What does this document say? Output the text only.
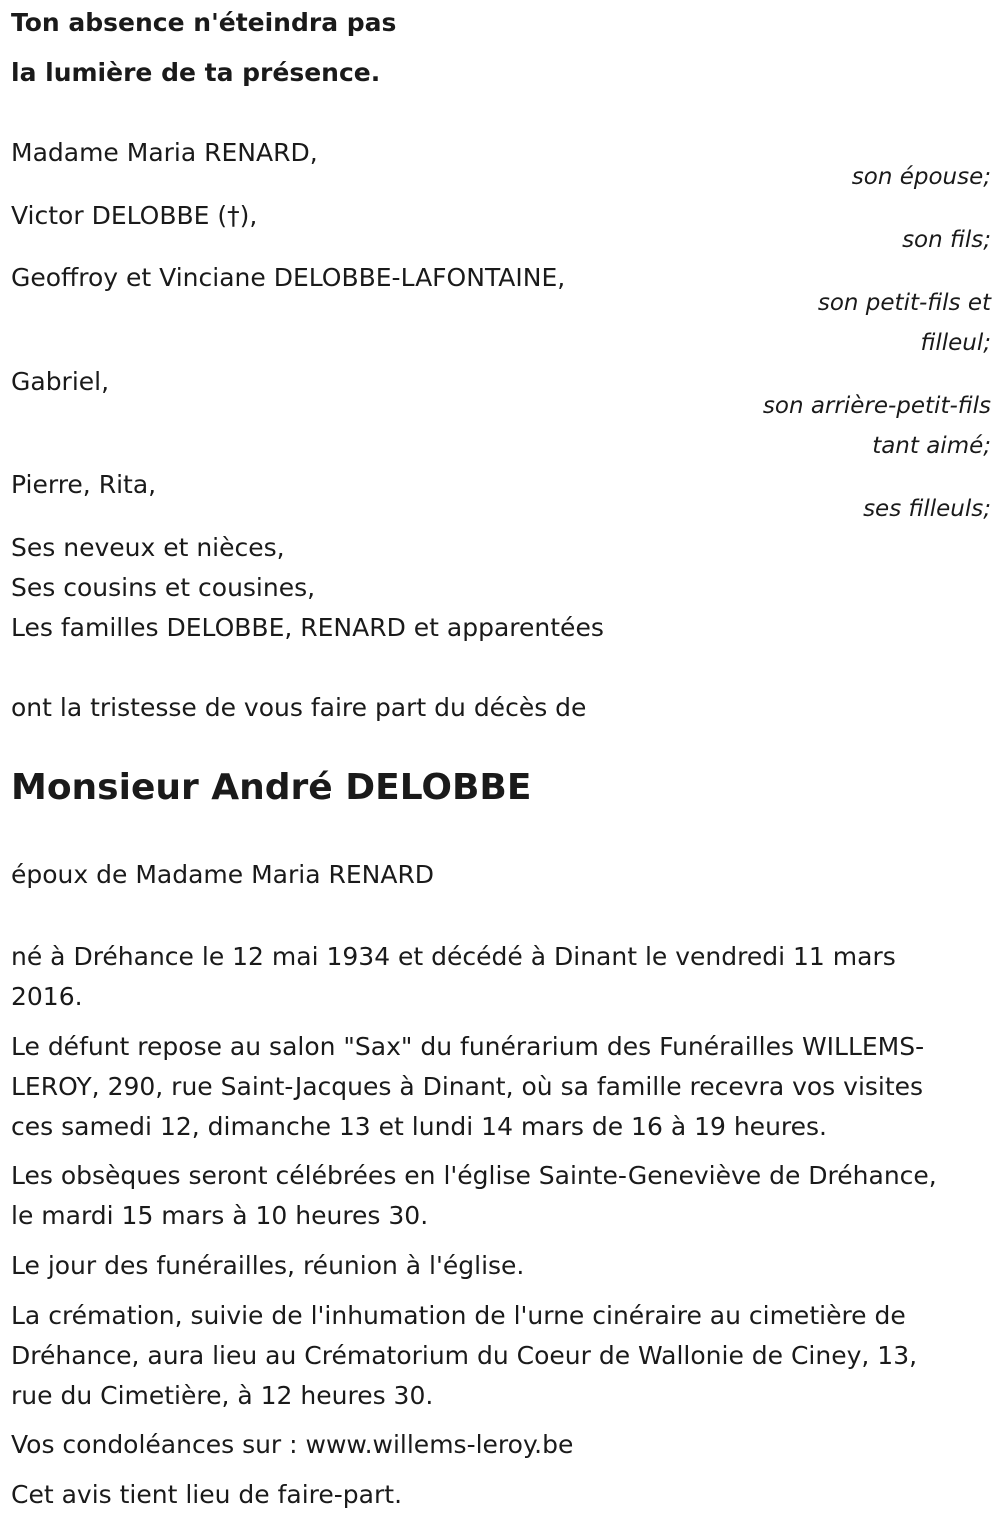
Ton absence n'éteindra pas
la lumière de ta présence.
Madame Maria RENARD,
son épouse;
Victor DELOBBE (†),
son fils;
Geoffroy et Vinciane DELOBBE-LAFONTAINE,
son petit-fils et
filleul;
Gabriel,
son arrière-petit-fils
tant aimé;
Pierre, Rita,
ses filleuls;
Ses neveux et nièces,
Ses cousins et cousines,
Les familles DELOBBE, RENARD et apparentées
ont la tristesse de vous faire part du décès de
Monsieur André DELOBBE
époux de Madame Maria RENARD
né à Dréhance le 12 mai 1934 et décédé à Dinant le vendredi 11 mars
2016.
Le défunt repose au salon "Sax" du funérarium des Funérailles WILLEMS-
LEROY, 290, rue Saint-Jacques à Dinant, où sa famille recevra vos visites
ces samedi 12, dimanche 13 et lundi 14 mars de 16 à 19 heures.
Les obsèques seront célébrées en l'église Sainte-Geneviève de Dréhance,
le mardi 15 mars à 10 heures 30.
Le jour des funérailles, réunion à l'église.
La crémation, suivie de l'inhumation de l'urne cinéraire au cimetière de
Dréhance, aura lieu au Crématorium du Coeur de Wallonie de Ciney, 13,
rue du Cimetière, à 12 heures 30.
Vos condoléances sur : www.willems-leroy.be
Cet avis tient lieu de faire-part.
